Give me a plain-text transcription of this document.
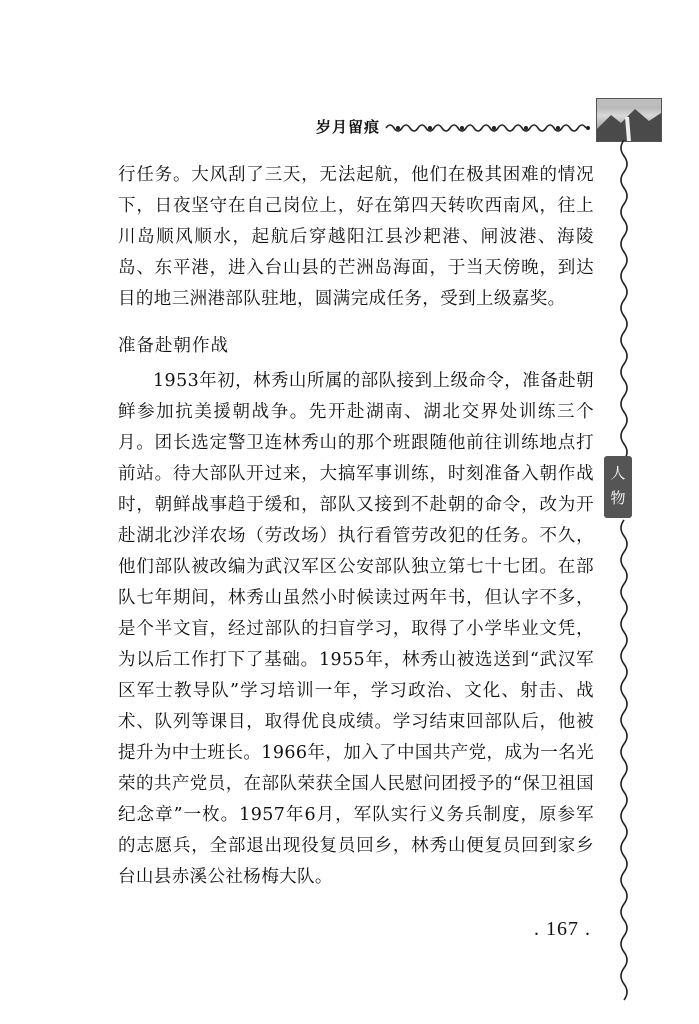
岁月留痕
人
物

行任务。大风刮了三天，无法起航，他们在极其困难的情况下，日夜坚守在自己岗位上，好在第四天转吹西南风，往上川岛顺风顺水，起航后穿越阳江县沙耙港、闸波港、海陵岛、东平港，进入台山县的芒洲岛海面，于当天傍晚，到达目的地三洲港部队驻地，圆满完成任务，受到上级嘉奖。

准备赴朝作战

1953年初，林秀山所属的部队接到上级命令，准备赴朝鲜参加抗美援朝战争。先开赴湖南、湖北交界处训练三个月。团长选定警卫连林秀山的那个班跟随他前往训练地点打前站。待大部队开过来，大搞军事训练，时刻准备入朝作战时，朝鲜战事趋于缓和，部队又接到不赴朝的命令，改为开赴湖北沙洋农场（劳改场）执行看管劳改犯的任务。不久，他们部队被改编为武汉军区公安部队独立第七十七团。在部队七年期间，林秀山虽然小时候读过两年书，但认字不多，是个半文盲，经过部队的扫盲学习，取得了小学毕业文凭，为以后工作打下了基础。1955年，林秀山被选送到“武汉军区军士教导队”学习培训一年，学习政治、文化、射击、战术、队列等课目，取得优良成绩。学习结束回部队后，他被提升为中士班长。1966年，加入了中国共产党，成为一名光荣的共产党员，在部队荣获全国人民慰问团授予的“保卫祖国纪念章”一枚。1957年6月，军队实行义务兵制度，原参军的志愿兵，全部退出现役复员回乡，林秀山便复员回到家乡台山县赤溪公社杨梅大队。

. 167 .
